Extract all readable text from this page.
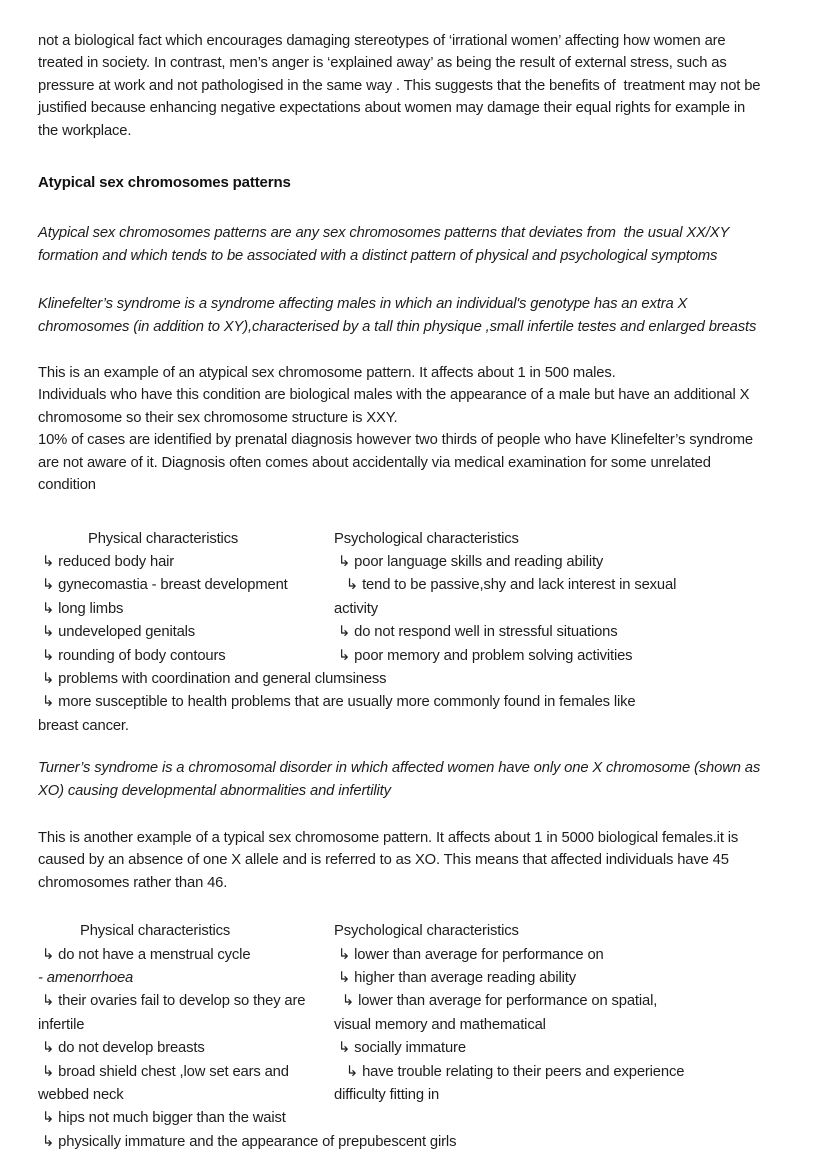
not a biological fact which encourages damaging stereotypes of ‘irrational women’ affecting how women are
treated in society. In contrast, men’s anger is ‘explained away’ as being the result of external stress, such as
pressure at work and not pathologised in the same way . This suggests that the benefits of  treatment may not be
justified because enhancing negative expectations about women may damage their equal rights for example in
the workplace.
Atypical sex chromosomes patterns
Atypical sex chromosomes patterns are any sex chromosomes patterns that deviates from  the usual XX/XY
formation and which tends to be associated with a distinct pattern of physical and psychological symptoms
Klinefelter’s syndrome is a syndrome affecting males in which an individual's genotype has an extra X
chromosomes (in addition to XY),characterised by a tall thin physique ,small infertile testes and enlarged breasts
This is an example of an atypical sex chromosome pattern. It affects about 1 in 500 males.
Individuals who have this condition are biological males with the appearance of a male but have an additional X
chromosome so their sex chromosome structure is XXY.
10% of cases are identified by prenatal diagnosis however two thirds of people who have Klinefelter’s syndrome
are not aware of it. Diagnosis often comes about accidentally via medical examination for some unrelated
condition
Physical characteristics	Psychological characteristics
↳ reduced body hair	↳ poor language skills and reading ability
↳ gynecomastia - breast development	↳ tend to be passive,shy and lack interest in sexual
↳ long limbs	activity
↳ undeveloped genitals	↳ do not respond well in stressful situations
↳ rounding of body contours	↳ poor memory and problem solving activities
↳ problems with coordination and general clumsiness
↳ more susceptible to health problems that are usually more commonly found in females like
breast cancer.
Turner’s syndrome is a chromosomal disorder in which affected women have only one X chromosome (shown as
XO) causing developmental abnormalities and infertility
This is another example of a typical sex chromosome pattern. It affects about 1 in 5000 biological females.it is
caused by an absence of one X allele and is referred to as XO. This means that affected individuals have 45
chromosomes rather than 46.
Physical characteristics	Psychological characteristics
↳ do not have a menstrual cycle	↳ lower than average for performance on
- amenorrhoea	↳ higher than average reading ability
↳ their ovaries fail to develop so they are	↳ lower than average for performance on spatial,
infertile	visual memory and mathematical
↳ do not develop breasts	↳ socially immature
↳ broad shield chest ,low set ears and	↳ have trouble relating to their peers and experience
webbed neck	difficulty fitting in
↳ hips not much bigger than the waist
↳ physically immature and the appearance of prepubescent girls
